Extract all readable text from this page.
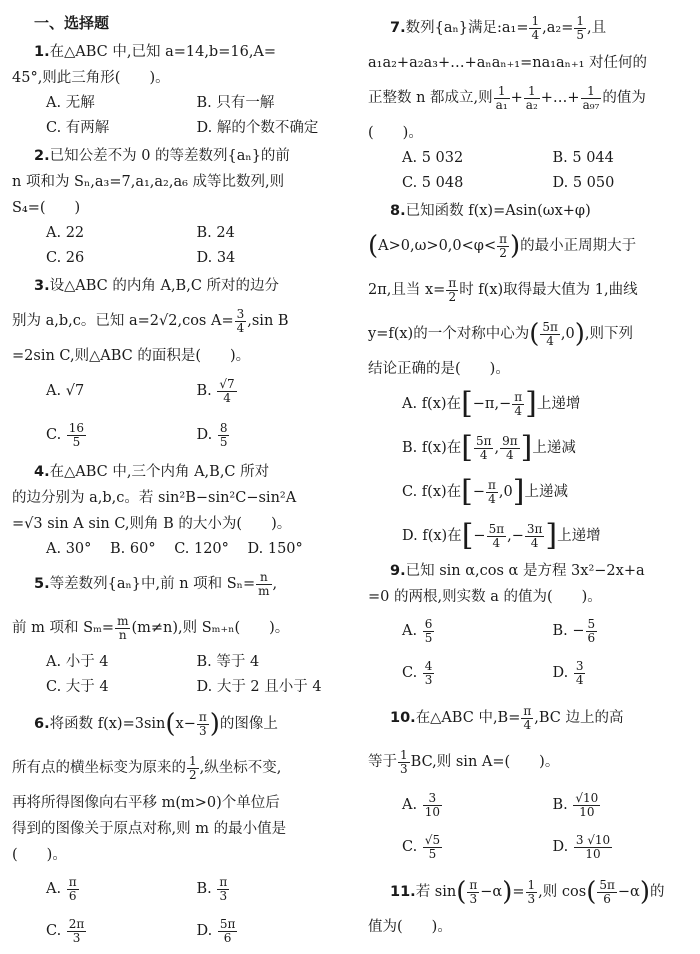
一、选择题

1.在△ABC 中,已知 a=14,b=16,A=

45°,则此三角形(　　)。

A. 无解	B. 只有一解
C. 有两解	D. 解的个数不确定

2.已知公差不为 0 的等差数列{aₙ}的前

n 项和为 Sₙ,a₃=7,a₁,a₂,a₆ 成等比数列,则

S₄=(　　)

A. 22	B. 24
C. 26	D. 34

3.设△ABC 的内角 A,B,C 所对的边分

别为 a,b,c。已知 a=2√2,cos $A= \frac{3}{4} ,\sin$ B

=2sin C,则△ABC 的面积是(　　)。

A. √7	B. $\frac{√7}{4}$
C. $\frac{16}{5}$	D. $\frac{8}{5}$

4.在△ABC 中,三个内角 A,B,C 所对

的边分别为 a,b,c。若 sin²B−sin²C−sin²A

=√3 sin A sin C,则角 B 的大小为(　　)。

A. 30° B. 60° C. 120° D. 150°

5.等差数列{aₙ}中,前 n 项和 $S_n= \frac{n}{m}$ ,

前 m 项和 $S_m= \frac{m}{n} (m\ne n)$,则 Sₘ₊ₙ(　　)。

A. 小于 4	B. 等于 4
C. 大于 4	D. 大于 2 且小于 4

6.将函数 $f(x)=3\sin(x- \frac{\pi}{3}$ )的图像上

所有点的横坐标变为原来的 $\frac{1}{2}$ ,纵坐标不变,

再将所得图像向右平移 m(m>0)个单位后

得到的图像关于原点对称,则 m 的最小值是

(　　)。

A. $\frac{\pi}{6}$	B. $\frac{\pi}{3}$
C. $\frac{2\pi}{3}$	D. $\frac{5\pi}{6}$

7.数列{aₙ}满足:a₁= $\frac{1}{4} ,a_2= \frac{1}{5}$ ,且

a₁a₂+a₂a₃+…+aₙaₙ₊₁=na₁aₙ₊₁ 对任何的

正整数 n 都成立,则 $\frac{1}{\text{a₁}} + \frac{1}{\text{a₂}}$ +…+ $\frac{1}{\text{a₉₇}}$ 的值为

(　　)。

A. 5 032	B. 5 044
C. 5 048	D. 5 050

8.已知函数 f(x)=Asin(ωx+φ)

($A>0,\omega>0,0<\varphi< \frac{\pi}{2}$ )的最小正周期大于

2π,且当 $x= \frac{\pi}{2}$ 时 f(x)取得最大值为 1,曲线

y=f(x)的一个对称中心为( $\frac{5\pi}{4} ,0$),则下列

结论正确的是(　　)。

A. f(x)在[$-\pi,- \frac{\pi}{4}$ ]上递增
B. f(x)在[ $\frac{5\pi}{4}$ , $\frac{9\pi}{4}$ ]上递减
C. f(x)在[− $\frac{\pi}{4} ,0$]上递减
D. f(x)在[− $\frac{5\pi}{4}$ ,− $\frac{3\pi}{4}$ ]上递增

9.已知 sin α,cos α 是方程 3x²−2x+a

=0 的两根,则实数 a 的值为(　　)。

A. $\frac{6}{5}$	B. − $\frac{5}{6}$
C. $\frac{4}{3}$	D. $\frac{3}{4}$

10.在△ABC 中$,B= \frac{\pi}{4} ,BC$ 边上的高

等于 $\frac{1}{3}$ BC,则 sin A=(　　)。

A. $\frac{3}{10}$	B. $\frac{√10}{10}$
C. $\frac{√5}{5}$	D. $\frac{3 √10}{10}$

11.若 $\sin( \frac{\pi}{3} -\alpha)= \frac{1}{3}$ ,则 $\cos( \frac{5\pi}{6} -\alpha)$的

值为(　　)。
